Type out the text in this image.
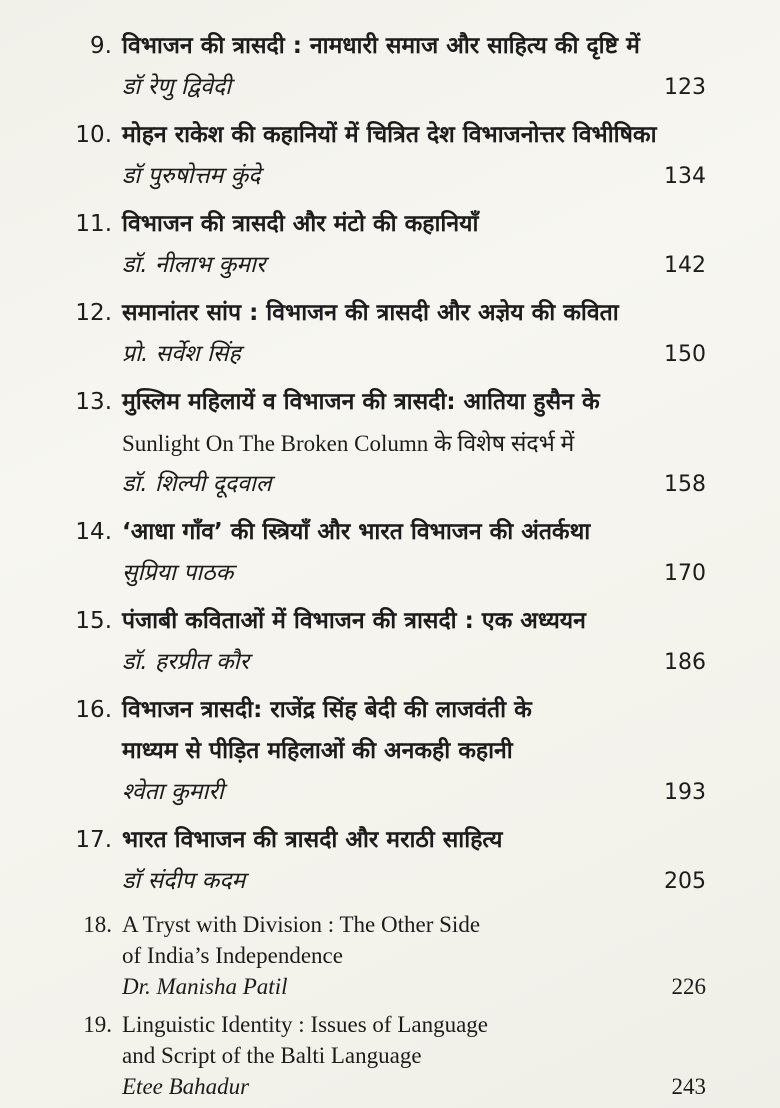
9. विभाजन की त्रासदी : नामधारी समाज और साहित्य की दृष्टि में
डॉ रेणु द्विवेदी	123
10. मोहन राकेश की कहानियों में चित्रित देश विभाजनोत्तर विभीषिका
डॉ पुरुषोत्तम कुंदे	134
11. विभाजन की त्रासदी और मंटो की कहानियाँ
डॉ. नीलाभ कुमार	142
12. समानांतर सांप : विभाजन की त्रासदी और अज्ञेय की कविता
प्रो. सर्वेश सिंह	150
13. मुस्लिम महिलायें व विभाजन की त्रासदी: आतिया हुसैन के
Sunlight On The Broken Column के विशेष संदर्भ में
डॉ. शिल्पी दूदवाल	158
14. ‘आधा गाँव’ की स्त्रियाँ और भारत विभाजन की अंतर्कथा
सुप्रिया पाठक	170
15. पंजाबी कविताओं में विभाजन की त्रासदी : एक अध्ययन
डॉ. हरप्रीत कौर	186
16. विभाजन त्रासदी: राजेंद्र सिंह बेदी की लाजवंती के
माध्यम से पीड़ित महिलाओं की अनकही कहानी
श्वेता कुमारी	193
17. भारत विभाजन की त्रासदी और मराठी साहित्य
डॉ संदीप कदम	205
18. A Tryst with Division : The Other Side
of India’s Independence
Dr. Manisha Patil	226
19. Linguistic Identity : Issues of Language
and Script of the Balti Language
Etee Bahadur	243
